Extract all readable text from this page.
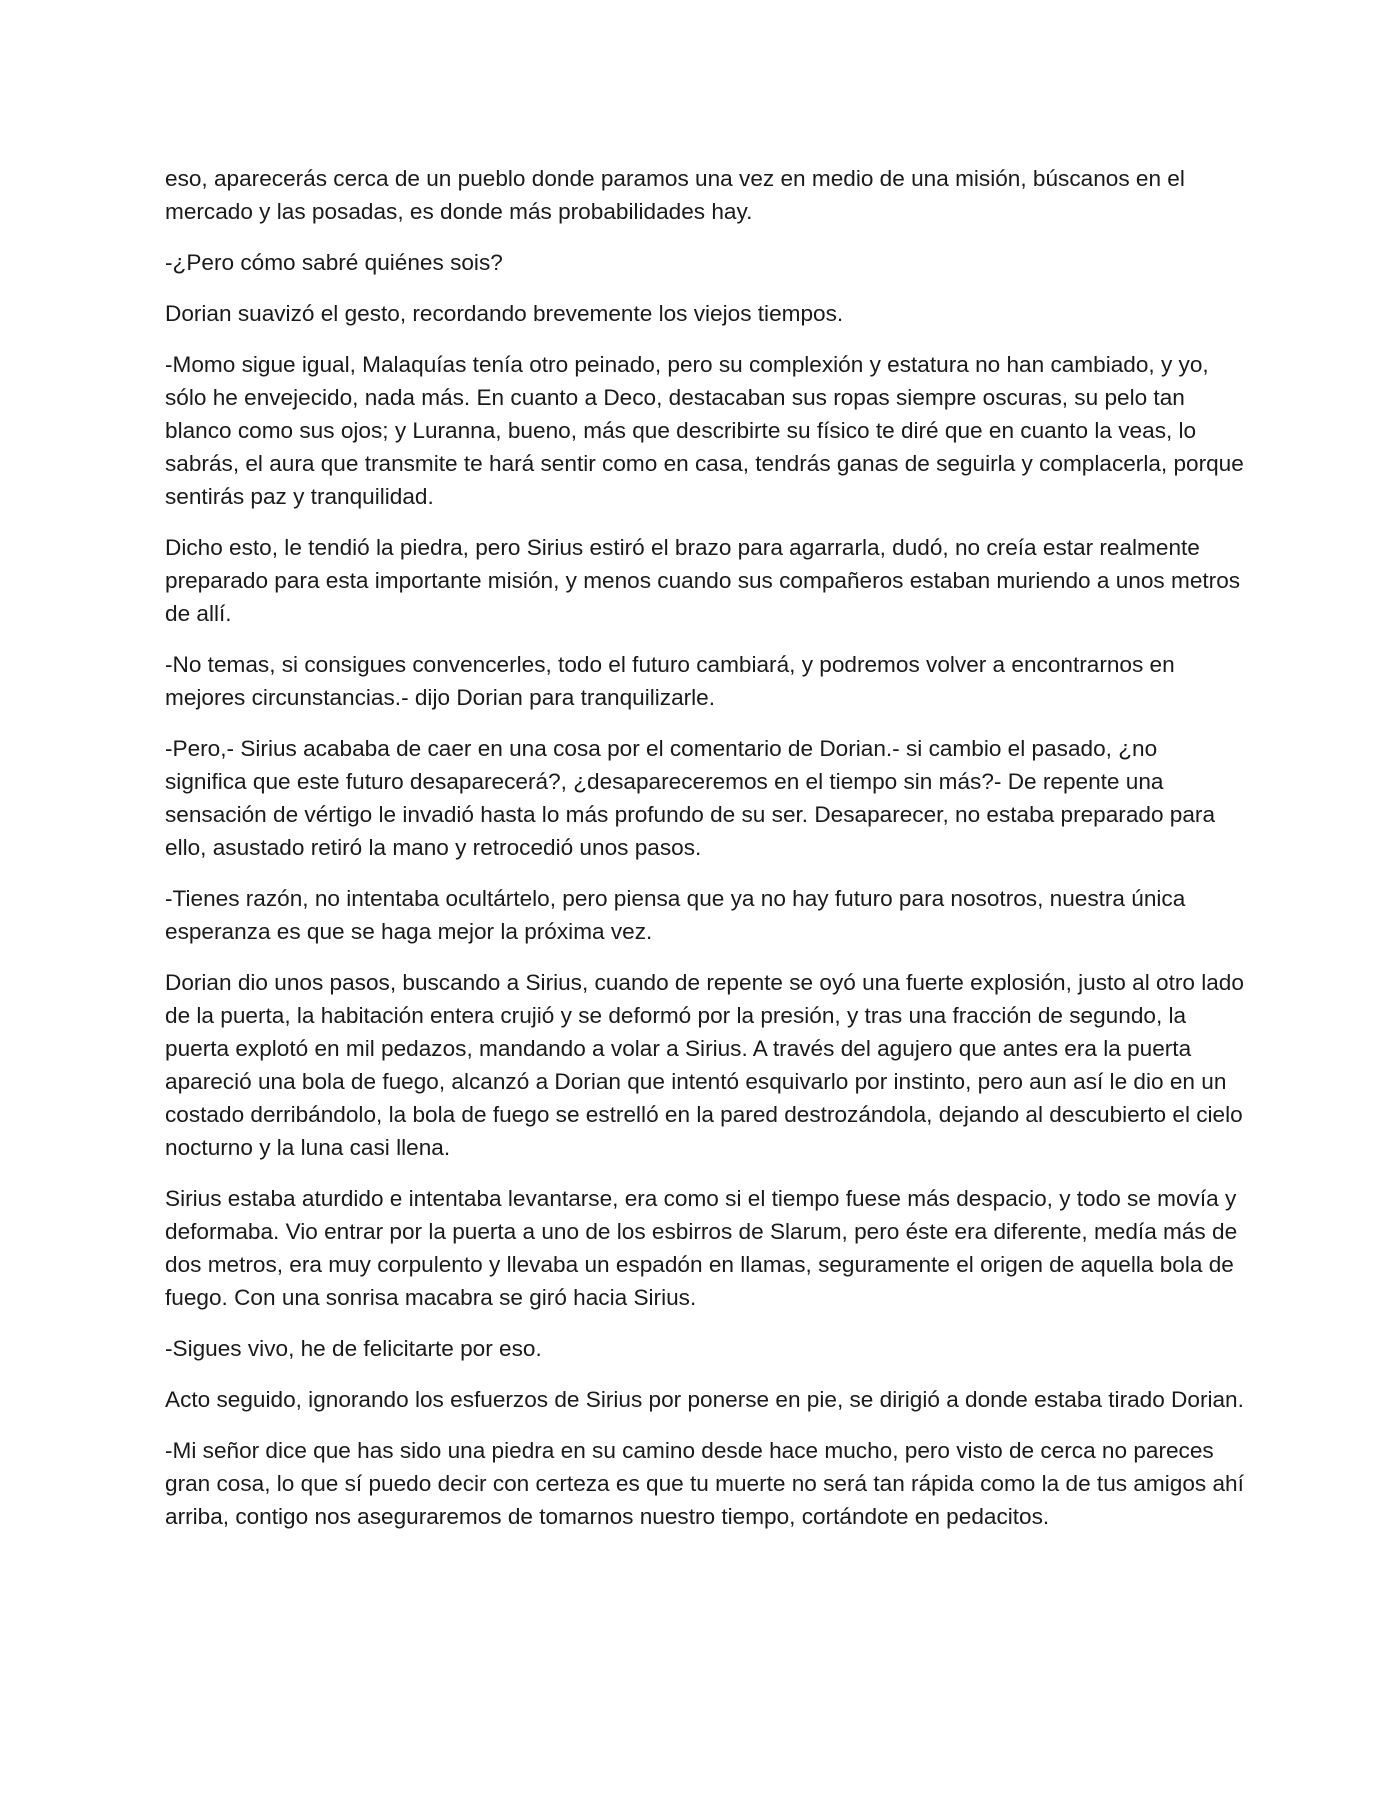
eso, aparecerás cerca de un pueblo donde paramos una vez en medio de una misión, búscanos en el mercado y las posadas, es donde más probabilidades hay.

-¿Pero cómo sabré quiénes sois?

Dorian suavizó el gesto, recordando brevemente los viejos tiempos.

-Momo sigue igual, Malaquías tenía otro peinado, pero su complexión y estatura no han cambiado, y yo, sólo he envejecido, nada más. En cuanto a Deco, destacaban sus ropas siempre oscuras, su pelo tan blanco como sus ojos; y Luranna, bueno, más que describirte su físico te diré que en cuanto la veas, lo sabrás, el aura que transmite te hará sentir como en casa, tendrás ganas de seguirla y complacerla, porque sentirás paz y tranquilidad.

Dicho esto, le tendió la piedra, pero Sirius estiró el brazo para agarrarla, dudó, no creía estar realmente preparado para esta importante misión, y menos cuando sus compañeros estaban muriendo a unos metros de allí.

-No temas, si consigues convencerles, todo el futuro cambiará, y podremos volver a encontrarnos en mejores circunstancias.- dijo Dorian para tranquilizarle.

-Pero,- Sirius acababa de caer en una cosa por el comentario de Dorian.- si cambio el pasado, ¿no significa que este futuro desaparecerá?, ¿desapareceremos en el tiempo sin más?- De repente una sensación de vértigo le invadió hasta lo más profundo de su ser. Desaparecer, no estaba preparado para ello, asustado retiró la mano y retrocedió unos pasos.

-Tienes razón, no intentaba ocultártelo, pero piensa que ya no hay futuro para nosotros, nuestra única esperanza es que se haga mejor la próxima vez.

Dorian dio unos pasos, buscando a Sirius, cuando de repente se oyó una fuerte explosión, justo al otro lado de la puerta, la habitación entera crujió y se deformó por la presión, y tras una fracción de segundo, la puerta explotó en mil pedazos, mandando a volar a Sirius. A través del agujero que antes era la puerta apareció una bola de fuego, alcanzó a Dorian que intentó esquivarlo por instinto, pero aun así le dio en un costado derribándolo, la bola de fuego se estrelló en la pared destrozándola, dejando al descubierto el cielo nocturno y la luna casi llena.

Sirius estaba aturdido e intentaba levantarse, era como si el tiempo fuese más despacio, y todo se movía y deformaba. Vio entrar por la puerta a uno de los esbirros de Slarum, pero éste era diferente, medía más de dos metros, era muy corpulento y llevaba un espadón en llamas, seguramente el origen de aquella bola de fuego. Con una sonrisa macabra se giró hacia Sirius.

-Sigues vivo, he de felicitarte por eso.

Acto seguido, ignorando los esfuerzos de Sirius por ponerse en pie, se dirigió a donde estaba tirado Dorian.

-Mi señor dice que has sido una piedra en su camino desde hace mucho, pero visto de cerca no pareces gran cosa, lo que sí puedo decir con certeza es que tu muerte no será tan rápida como la de tus amigos ahí arriba, contigo nos aseguraremos de tomarnos nuestro tiempo, cortándote en pedacitos.
